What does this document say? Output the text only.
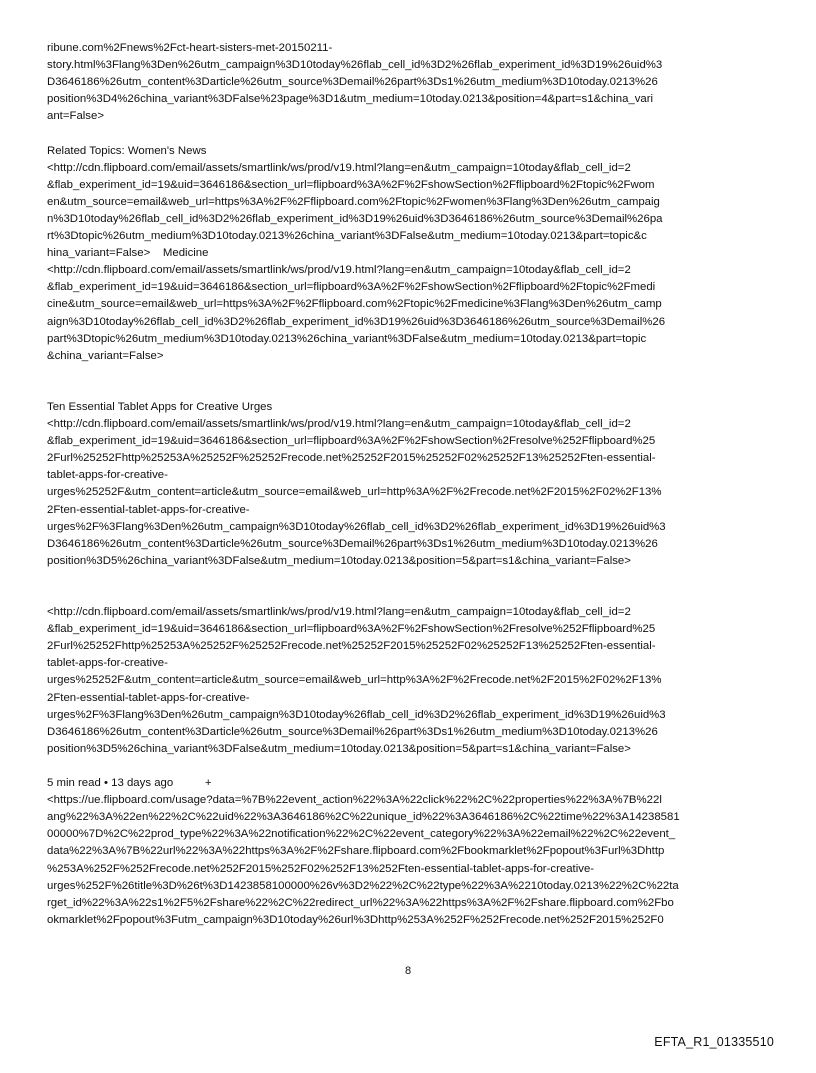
ribune.com%2Fnews%2Fct-heart-sisters-met-20150211-
story.html%3Flang%3Den%26utm_campaign%3D10today%26flab_cell_id%3D2%26flab_experiment_id%3D19%26uid%3
D3646186%26utm_content%3Darticle%26utm_source%3Demail%26part%3Ds1%26utm_medium%3D10today.0213%26
position%3D4%26china_variant%3DFalse%23page%3D1&utm_medium=10today.0213&position=4&part=s1&china_vari
ant=False>
Related Topics: Women's News
<http://cdn.flipboard.com/email/assets/smartlink/ws/prod/v19.html?lang=en&utm_campaign=10today&flab_cell_id=2
&flab_experiment_id=19&uid=3646186&section_url=flipboard%3A%2F%2FshowSection%2Fflipboard%2Ftopic%2Fwom
en&utm_source=email&web_url=https%3A%2F%2Fflipboard.com%2Ftopic%2Fwomen%3Flang%3Den%26utm_campaig
n%3D10today%26flab_cell_id%3D2%26flab_experiment_id%3D19%26uid%3D3646186%26utm_source%3Demail%26pa
rt%3Dtopic%26utm_medium%3D10today.0213%26china_variant%3DFalse&utm_medium=10today.0213&part=topic&c
hina_variant=False>    Medicine
<http://cdn.flipboard.com/email/assets/smartlink/ws/prod/v19.html?lang=en&utm_campaign=10today&flab_cell_id=2
&flab_experiment_id=19&uid=3646186&section_url=flipboard%3A%2F%2FshowSection%2Fflipboard%2Ftopic%2Fmedi
cine&utm_source=email&web_url=https%3A%2F%2Fflipboard.com%2Ftopic%2Fmedicine%3Flang%3Den%26utm_camp
aign%3D10today%26flab_cell_id%3D2%26flab_experiment_id%3D19%26uid%3D3646186%26utm_source%3Demail%26
part%3Dtopic%26utm_medium%3D10today.0213%26china_variant%3DFalse&utm_medium=10today.0213&part=topic
&china_variant=False>
Ten Essential Tablet Apps for Creative Urges
<http://cdn.flipboard.com/email/assets/smartlink/ws/prod/v19.html?lang=en&utm_campaign=10today&flab_cell_id=2
&flab_experiment_id=19&uid=3646186&section_url=flipboard%3A%2F%2FshowSection%2Fresolve%252Fflipboard%25
2Furl%25252Fhttp%25253A%25252F%25252Frecode.net%25252F2015%25252F02%25252F13%25252Ften-essential-
tablet-apps-for-creative-
urges%25252F&utm_content=article&utm_source=email&web_url=http%3A%2F%2Frecode.net%2F2015%2F02%2F13%
2Ften-essential-tablet-apps-for-creative-
urges%2F%3Flang%3Den%26utm_campaign%3D10today%26flab_cell_id%3D2%26flab_experiment_id%3D19%26uid%3
D3646186%26utm_content%3Darticle%26utm_source%3Demail%26part%3Ds1%26utm_medium%3D10today.0213%26
position%3D5%26china_variant%3DFalse&utm_medium=10today.0213&position=5&part=s1&china_variant=False>
<http://cdn.flipboard.com/email/assets/smartlink/ws/prod/v19.html?lang=en&utm_campaign=10today&flab_cell_id=2
&flab_experiment_id=19&uid=3646186&section_url=flipboard%3A%2F%2FshowSection%2Fresolve%252Fflipboard%25
2Furl%25252Fhttp%25253A%25252F%25252Frecode.net%25252F2015%25252F02%25252F13%25252Ften-essential-
tablet-apps-for-creative-
urges%25252F&utm_content=article&utm_source=email&web_url=http%3A%2F%2Frecode.net%2F2015%2F02%2F13%
2Ften-essential-tablet-apps-for-creative-
urges%2F%3Flang%3Den%26utm_campaign%3D10today%26flab_cell_id%3D2%26flab_experiment_id%3D19%26uid%3
D3646186%26utm_content%3Darticle%26utm_source%3Demail%26part%3Ds1%26utm_medium%3D10today.0213%26
position%3D5%26china_variant%3DFalse&utm_medium=10today.0213&position=5&part=s1&china_variant=False>
5 min read • 13 days ago          +
<https://ue.flipboard.com/usage?data=%7B%22event_action%22%3A%22click%22%2C%22properties%22%3A%7B%22l
ang%22%3A%22en%22%2C%22uid%22%3A3646186%2C%22unique_id%22%3A3646186%2C%22time%22%3A14238581
00000%7D%2C%22prod_type%22%3A%22notification%22%2C%22event_category%22%3A%22email%22%2C%22event_
data%22%3A%7B%22url%22%3A%22https%3A%2F%2Fshare.flipboard.com%2Fbookmarklet%2Fpopout%3Furl%3Dhttp
%253A%252F%252Frecode.net%252F2015%252F02%252F13%252Ften-essential-tablet-apps-for-creative-
urges%252F%26title%3D%26t%3D1423858100000%26v%3D2%22%2C%22type%22%3A%2210today.0213%22%2C%22ta
rget_id%22%3A%22s1%2F5%2Fshare%22%2C%22redirect_url%22%3A%22https%3A%2F%2Fshare.flipboard.com%2Fbo
okmarklet%2Fpopout%3Futm_campaign%3D10today%26url%3Dhttp%253A%252F%252Frecode.net%252F2015%252F0
8
EFTA_R1_01335510
